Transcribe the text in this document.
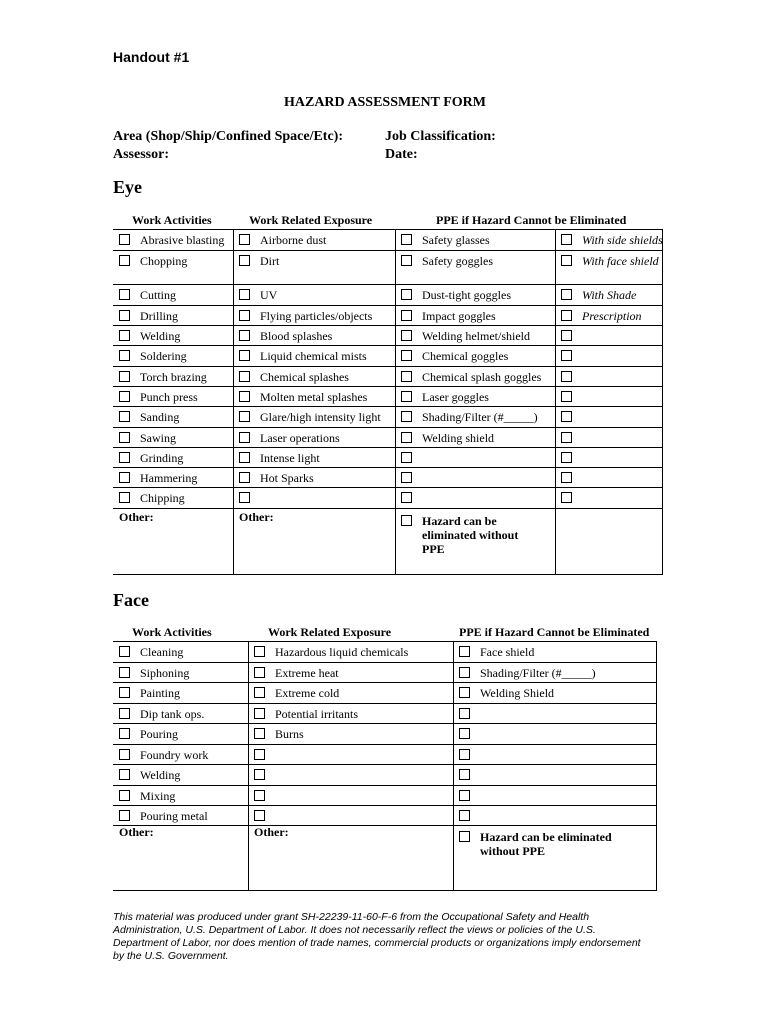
Handout #1
HAZARD ASSESSMENT FORM
Area (Shop/Ship/Confined Space/Etc):
Assessor:
Job Classification:
Date:
Eye
Work Activities	Work Related Exposure	PPE if Hazard Cannot be Eliminated
Abrasive blasting	Airborne dust	Safety glasses	With side shields
Chopping	Dirt	Safety goggles	With face shield
Cutting	UV	Dust-tight goggles	With Shade
Drilling	Flying particles/objects	Impact goggles	Prescription
Welding	Blood splashes	Welding helmet/shield
Soldering	Liquid chemical mists	Chemical goggles
Torch brazing	Chemical splashes	Chemical splash goggles
Punch press	Molten metal splashes	Laser goggles
Sanding	Glare/high intensity light	Shading/Filter (#_____)
Sawing	Laser operations	Welding shield
Grinding	Intense light
Hammering	Hot Sparks
Chipping
Other:	Other:	Hazard can be eliminated without PPE
Face
Work Activities	Work Related Exposure	PPE if Hazard Cannot be Eliminated
Cleaning	Hazardous liquid chemicals	Face shield
Siphoning	Extreme heat	Shading/Filter (#_____)
Painting	Extreme cold	Welding Shield
Dip tank ops.	Potential irritants
Pouring	Burns
Foundry work
Welding
Mixing
Pouring metal
Other:	Other:	Hazard can be eliminated without PPE
This material was produced under grant SH-22239-11-60-F-6 from the Occupational Safety and Health Administration, U.S. Department of Labor. It does not necessarily reflect the views or policies of the U.S. Department of Labor, nor does mention of trade names, commercial products or organizations imply endorsement by the U.S. Government.
